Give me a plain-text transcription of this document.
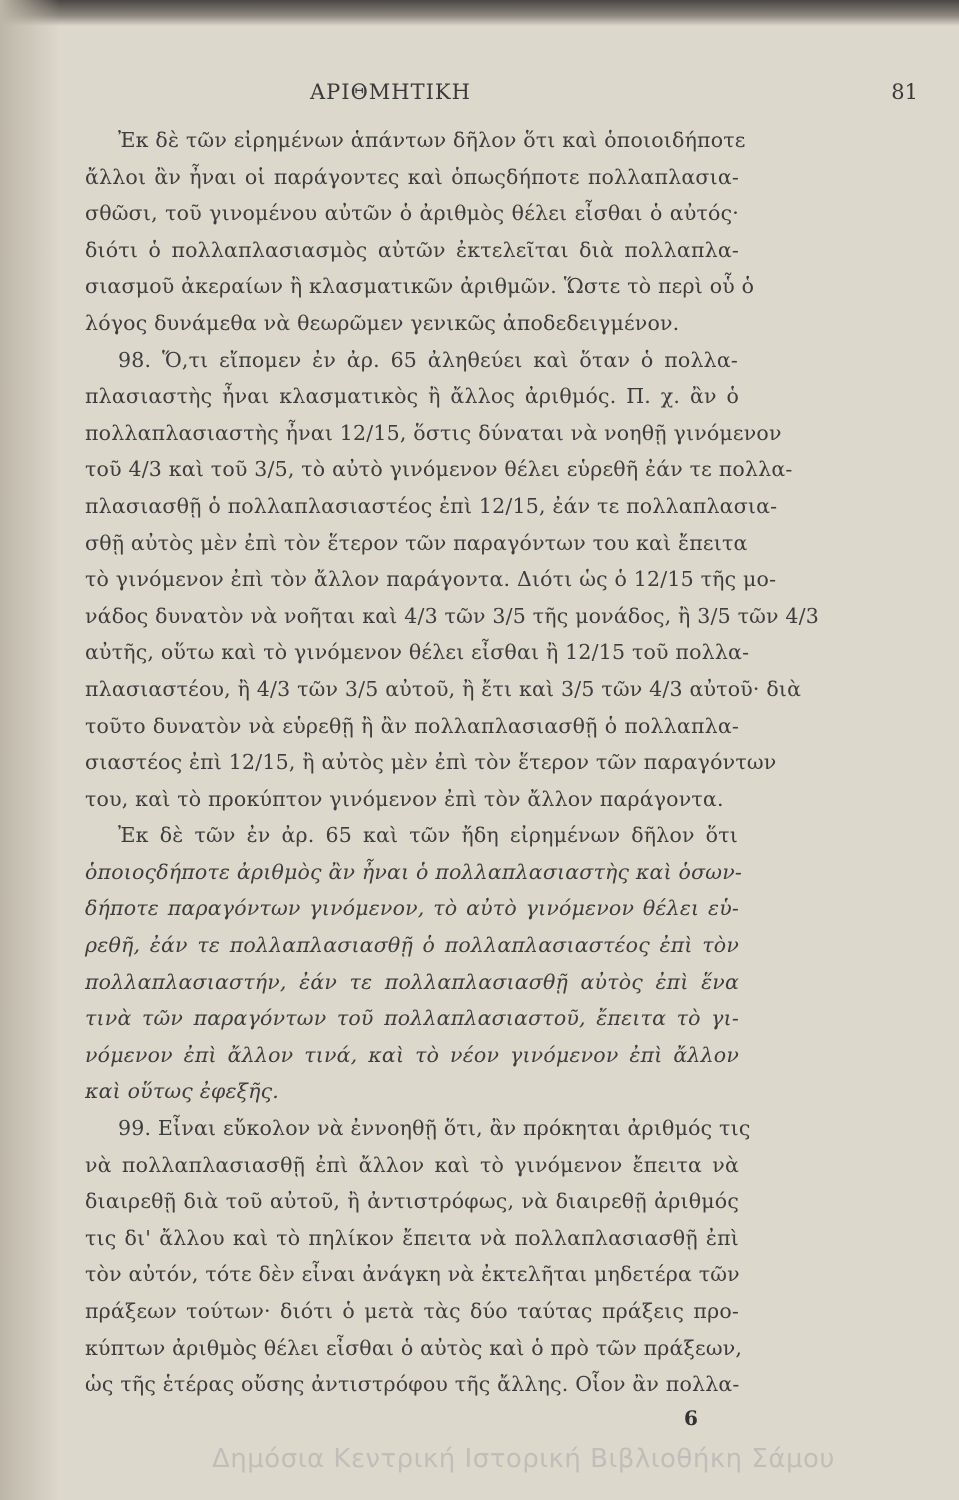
ΑΡΙΘΜΗΤΙΚΗ	81
Ἐκ δὲ τῶν εἰρημένων ἁπάντων δῆλον ὅτι καὶ ὁποιοιδήποτε
ἄλλοι ἂν ἦναι οἱ παράγοντες καὶ ὁπωςδήποτε πολλαπλασια-
σθῶσι, τοῦ γινομένου αὐτῶν ὁ ἀριθμὸς θέλει εἶσθαι ὁ αὐτός·
διότι ὁ πολλαπλασιασμὸς αὐτῶν ἐκτελεῖται διὰ πολλαπλα-
σιασμοῦ ἀκεραίων ἢ κλασματικῶν ἀριθμῶν. Ὥστε τὸ περὶ οὗ ὁ
λόγος δυνάμεθα νὰ θεωρῶμεν γενικῶς ἀποδεδειγμένον.
98. Ὅ,τι εἴπομεν ἐν ἀρ. 65 ἀληθεύει καὶ ὅταν ὁ πολλα-
πλασιαστὴς ἦναι κλασματικὸς ἢ ἄλλος ἀριθμός. Π. χ. ἂν ὁ
πολλαπλασιαστὴς ἦναι 12/15, ὅστις δύναται νὰ νοηθῇ γινόμενον
τοῦ 4/3 καὶ τοῦ 3/5, τὸ αὐτὸ γινόμενον θέλει εὑρεθῆ ἐάν τε πολλα-
πλασιασθῇ ὁ πολλαπλασιαστέος ἐπὶ 12/15, ἐάν τε πολλαπλασια-
σθῇ αὐτὸς μὲν ἐπὶ τὸν ἕτερον τῶν παραγόντων του καὶ ἔπειτα
τὸ γινόμενον ἐπὶ τὸν ἄλλον παράγοντα. Διότι ὡς ὁ 12/15 τῆς μο-
νάδος δυνατὸν νὰ νοῆται καὶ 4/3 τῶν 3/5 τῆς μονάδος, ἢ 3/5 τῶν 4/3
αὐτῆς, οὕτω καὶ τὸ γινόμενον θέλει εἶσθαι ἢ 12/15 τοῦ πολλα-
πλασιαστέου, ἢ 4/3 τῶν 3/5 αὐτοῦ, ἢ ἔτι καὶ 3/5 τῶν 4/3 αὐτοῦ· διὰ
τοῦτο δυνατὸν νὰ εὑρεθῇ ἢ ἂν πολλαπλασιασθῇ ὁ πολλαπλα-
σιαστέος ἐπὶ 12/15, ἢ αὐτὸς μὲν ἐπὶ τὸν ἕτερον τῶν παραγόντων
του, καὶ τὸ προκύπτον γινόμενον ἐπὶ τὸν ἄλλον παράγοντα.
Ἐκ δὲ τῶν ἐν ἀρ. 65 καὶ τῶν ἤδη εἰρημένων δῆλον ὅτι
ὁποιοςδήποτε ἀριθμὸς ἂν ἦναι ὁ πολλαπλασιαστὴς καὶ ὁσων-
δήποτε παραγόντων γινόμενον, τὸ αὐτὸ γινόμενον θέλει εὑ-
ρεθῆ, ἐάν τε πολλαπλασιασθῇ ὁ πολλαπλασιαστέος ἐπὶ τὸν
πολλαπλασιαστήν, ἐάν τε πολλαπλασιασθῇ αὐτὸς ἐπὶ ἕνα
τινὰ τῶν παραγόντων τοῦ πολλαπλασιαστοῦ, ἔπειτα τὸ γι-
νόμενον ἐπὶ ἄλλον τινά, καὶ τὸ νέον γινόμενον ἐπὶ ἄλλον
καὶ οὕτως ἐφεξῆς.
99. Εἶναι εὔκολον νὰ ἐννοηθῇ ὅτι, ἂν πρόκηται ἀριθμός τις
νὰ πολλαπλασιασθῇ ἐπὶ ἄλλον καὶ τὸ γινόμενον ἔπειτα νὰ
διαιρεθῇ διὰ τοῦ αὐτοῦ, ἢ ἀντιστρόφως, νὰ διαιρεθῇ ἀριθμός
τις δι' ἄλλου καὶ τὸ πηλίκον ἔπειτα νὰ πολλαπλασιασθῇ ἐπὶ
τὸν αὐτόν, τότε δὲν εἶναι ἀνάγκη νὰ ἐκτελῆται μηδετέρα τῶν
πράξεων τούτων· διότι ὁ μετὰ τὰς δύο ταύτας πράξεις προ-
κύπτων ἀριθμὸς θέλει εἶσθαι ὁ αὐτὸς καὶ ὁ πρὸ τῶν πράξεων,
ὡς τῆς ἑτέρας οὔσης ἀντιστρόφου τῆς ἄλλης. Οἷον ἂν πολλα-
6
Δημόσια Κεντρική Ιστορική Βιβλιοθήκη Σάμου
